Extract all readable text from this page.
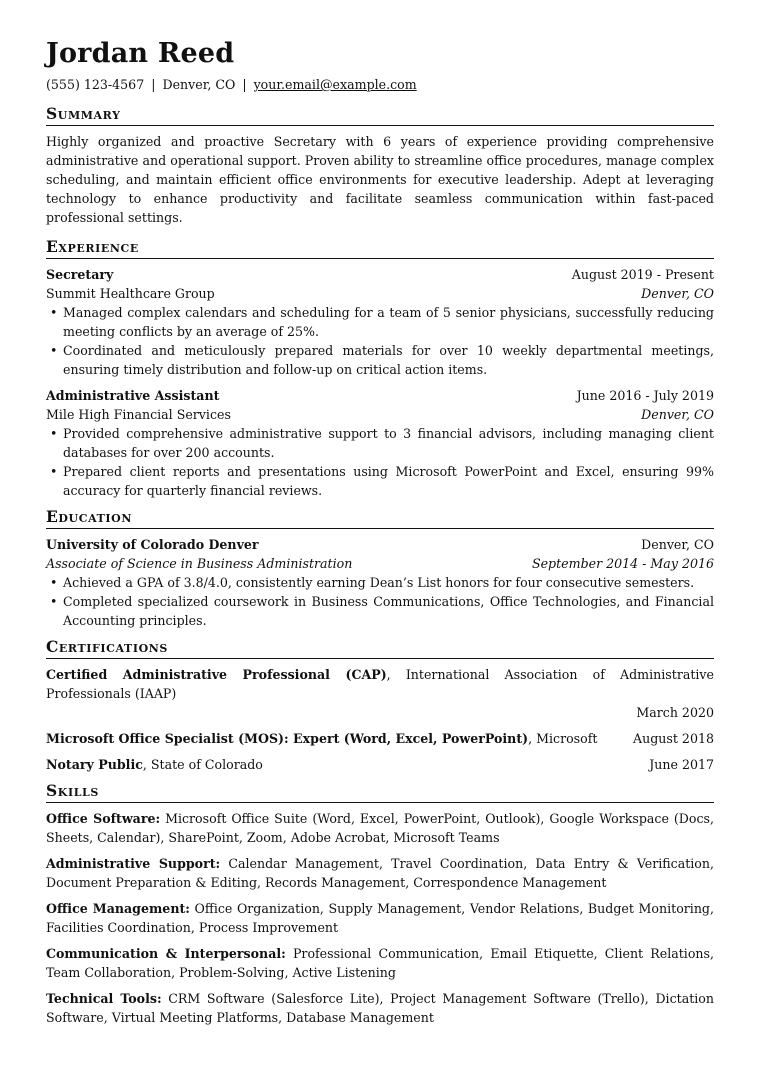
Jordan Reed
(555) 123-4567 | Denver, CO | your.email@example.com
Summary
Highly organized and proactive Secretary with 6 years of experience providing comprehensive administrative and operational support. Proven ability to streamline office procedures, manage complex scheduling, and maintain efficient office environments for executive leadership. Adept at leveraging technology to enhance productivity and facilitate seamless communication within fast-paced professional settings.
Experience
Secretary	August 2019 - Present
Summit Healthcare Group	Denver, CO
• Managed complex calendars and scheduling for a team of 5 senior physicians, successfully reducing meeting conflicts by an average of 25%.
• Coordinated and meticulously prepared materials for over 10 weekly departmental meetings, ensuring timely distribution and follow-up on critical action items.
Administrative Assistant	June 2016 - July 2019
Mile High Financial Services	Denver, CO
• Provided comprehensive administrative support to 3 financial advisors, including managing client databases for over 200 accounts.
• Prepared client reports and presentations using Microsoft PowerPoint and Excel, ensuring 99% accuracy for quarterly financial reviews.
Education
University of Colorado Denver	Denver, CO
Associate of Science in Business Administration	September 2014 - May 2016
• Achieved a GPA of 3.8/4.0, consistently earning Dean’s List honors for four consecutive semesters.
• Completed specialized coursework in Business Communications, Office Technologies, and Financial Accounting principles.
Certifications
Certified Administrative Professional (CAP), International Association of Administrative Professionals (IAAP)
March 2020
Microsoft Office Specialist (MOS): Expert (Word, Excel, PowerPoint), Microsoft	August 2018
Notary Public, State of Colorado	June 2017
Skills
Office Software: Microsoft Office Suite (Word, Excel, PowerPoint, Outlook), Google Workspace (Docs, Sheets, Calendar), SharePoint, Zoom, Adobe Acrobat, Microsoft Teams
Administrative Support: Calendar Management, Travel Coordination, Data Entry & Verification, Document Preparation & Editing, Records Management, Correspondence Management
Office Management: Office Organization, Supply Management, Vendor Relations, Budget Monitoring, Facilities Coordination, Process Improvement
Communication & Interpersonal: Professional Communication, Email Etiquette, Client Relations, Team Collaboration, Problem-Solving, Active Listening
Technical Tools: CRM Software (Salesforce Lite), Project Management Software (Trello), Dictation Software, Virtual Meeting Platforms, Database Management
